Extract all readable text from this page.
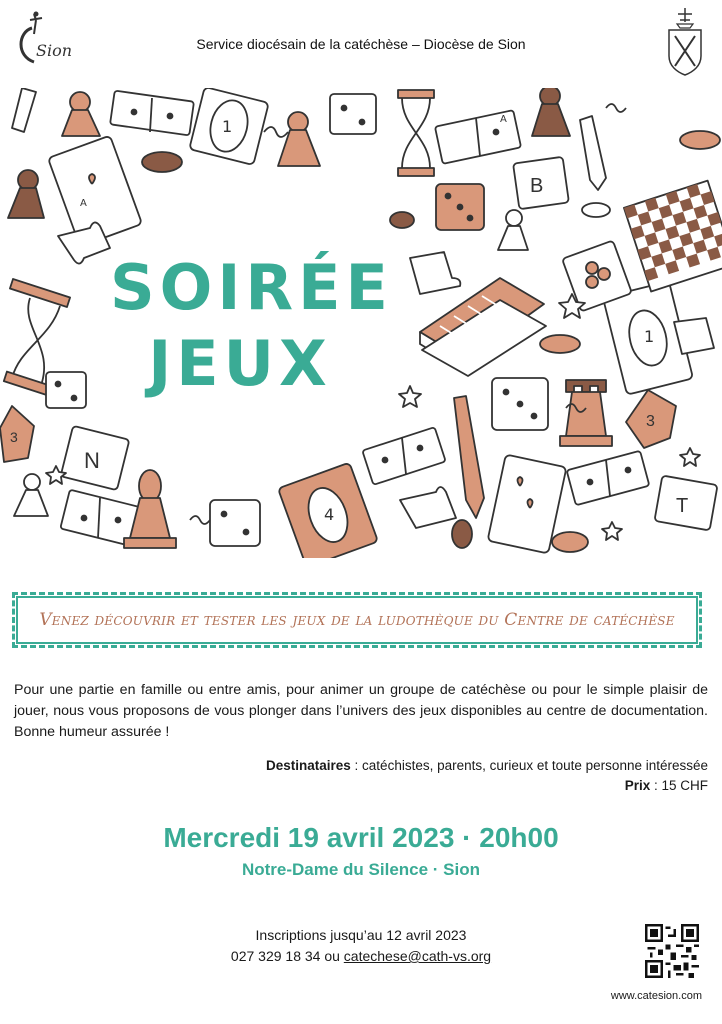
Sion	Service diocésain de la catéchèse – Diocèse de Sion
3
3
B
N
T
1
1
4
A
A
SOIRÉE
JEUX
Venez découvrir et tester les jeux de la ludothèque du Centre de catéchèse
Pour une partie en famille ou entre amis, pour animer un groupe de catéchèse ou pour le simple plaisir de jouer, nous vous proposons de vous plonger dans l’univers des jeux disponibles au centre de documentation. Bonne humeur assurée !
Destinataires : catéchistes, parents, curieux et toute personne intéressée
Prix : 15 CHF
Mercredi 19 avril 2023 · 20h00
Notre-Dame du Silence · Sion
Inscriptions jusqu’au 12 avril 2023
027 329 18 34 ou catechese@cath-vs.org
www.catesion.com
